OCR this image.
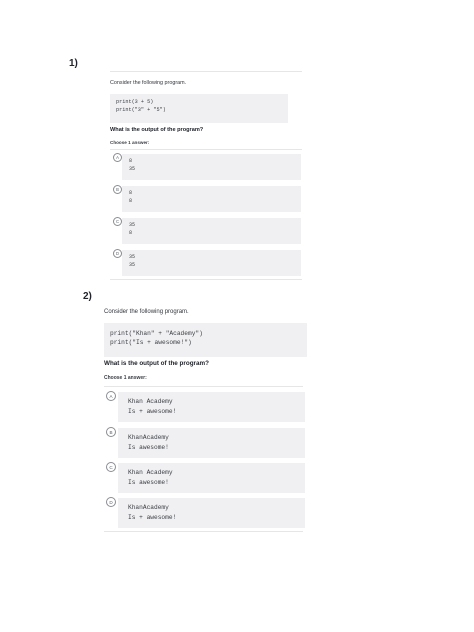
1)
Consider the following program.
print(3 + 5)
print("3" + "5")
What is the output of the program?
Choose 1 answer:
A
8
35
B
8
8
C
35
8
D
35
35
2)
Consider the following program.
print("Khan" + "Academy")
print("Is + awesome!")
What is the output of the program?
Choose 1 answer:
A
Khan Academy
Is + awesome!
B
KhanAcademy
Is awesome!
C
Khan Academy
Is awesome!
D
KhanAcademy
Is + awesome!
